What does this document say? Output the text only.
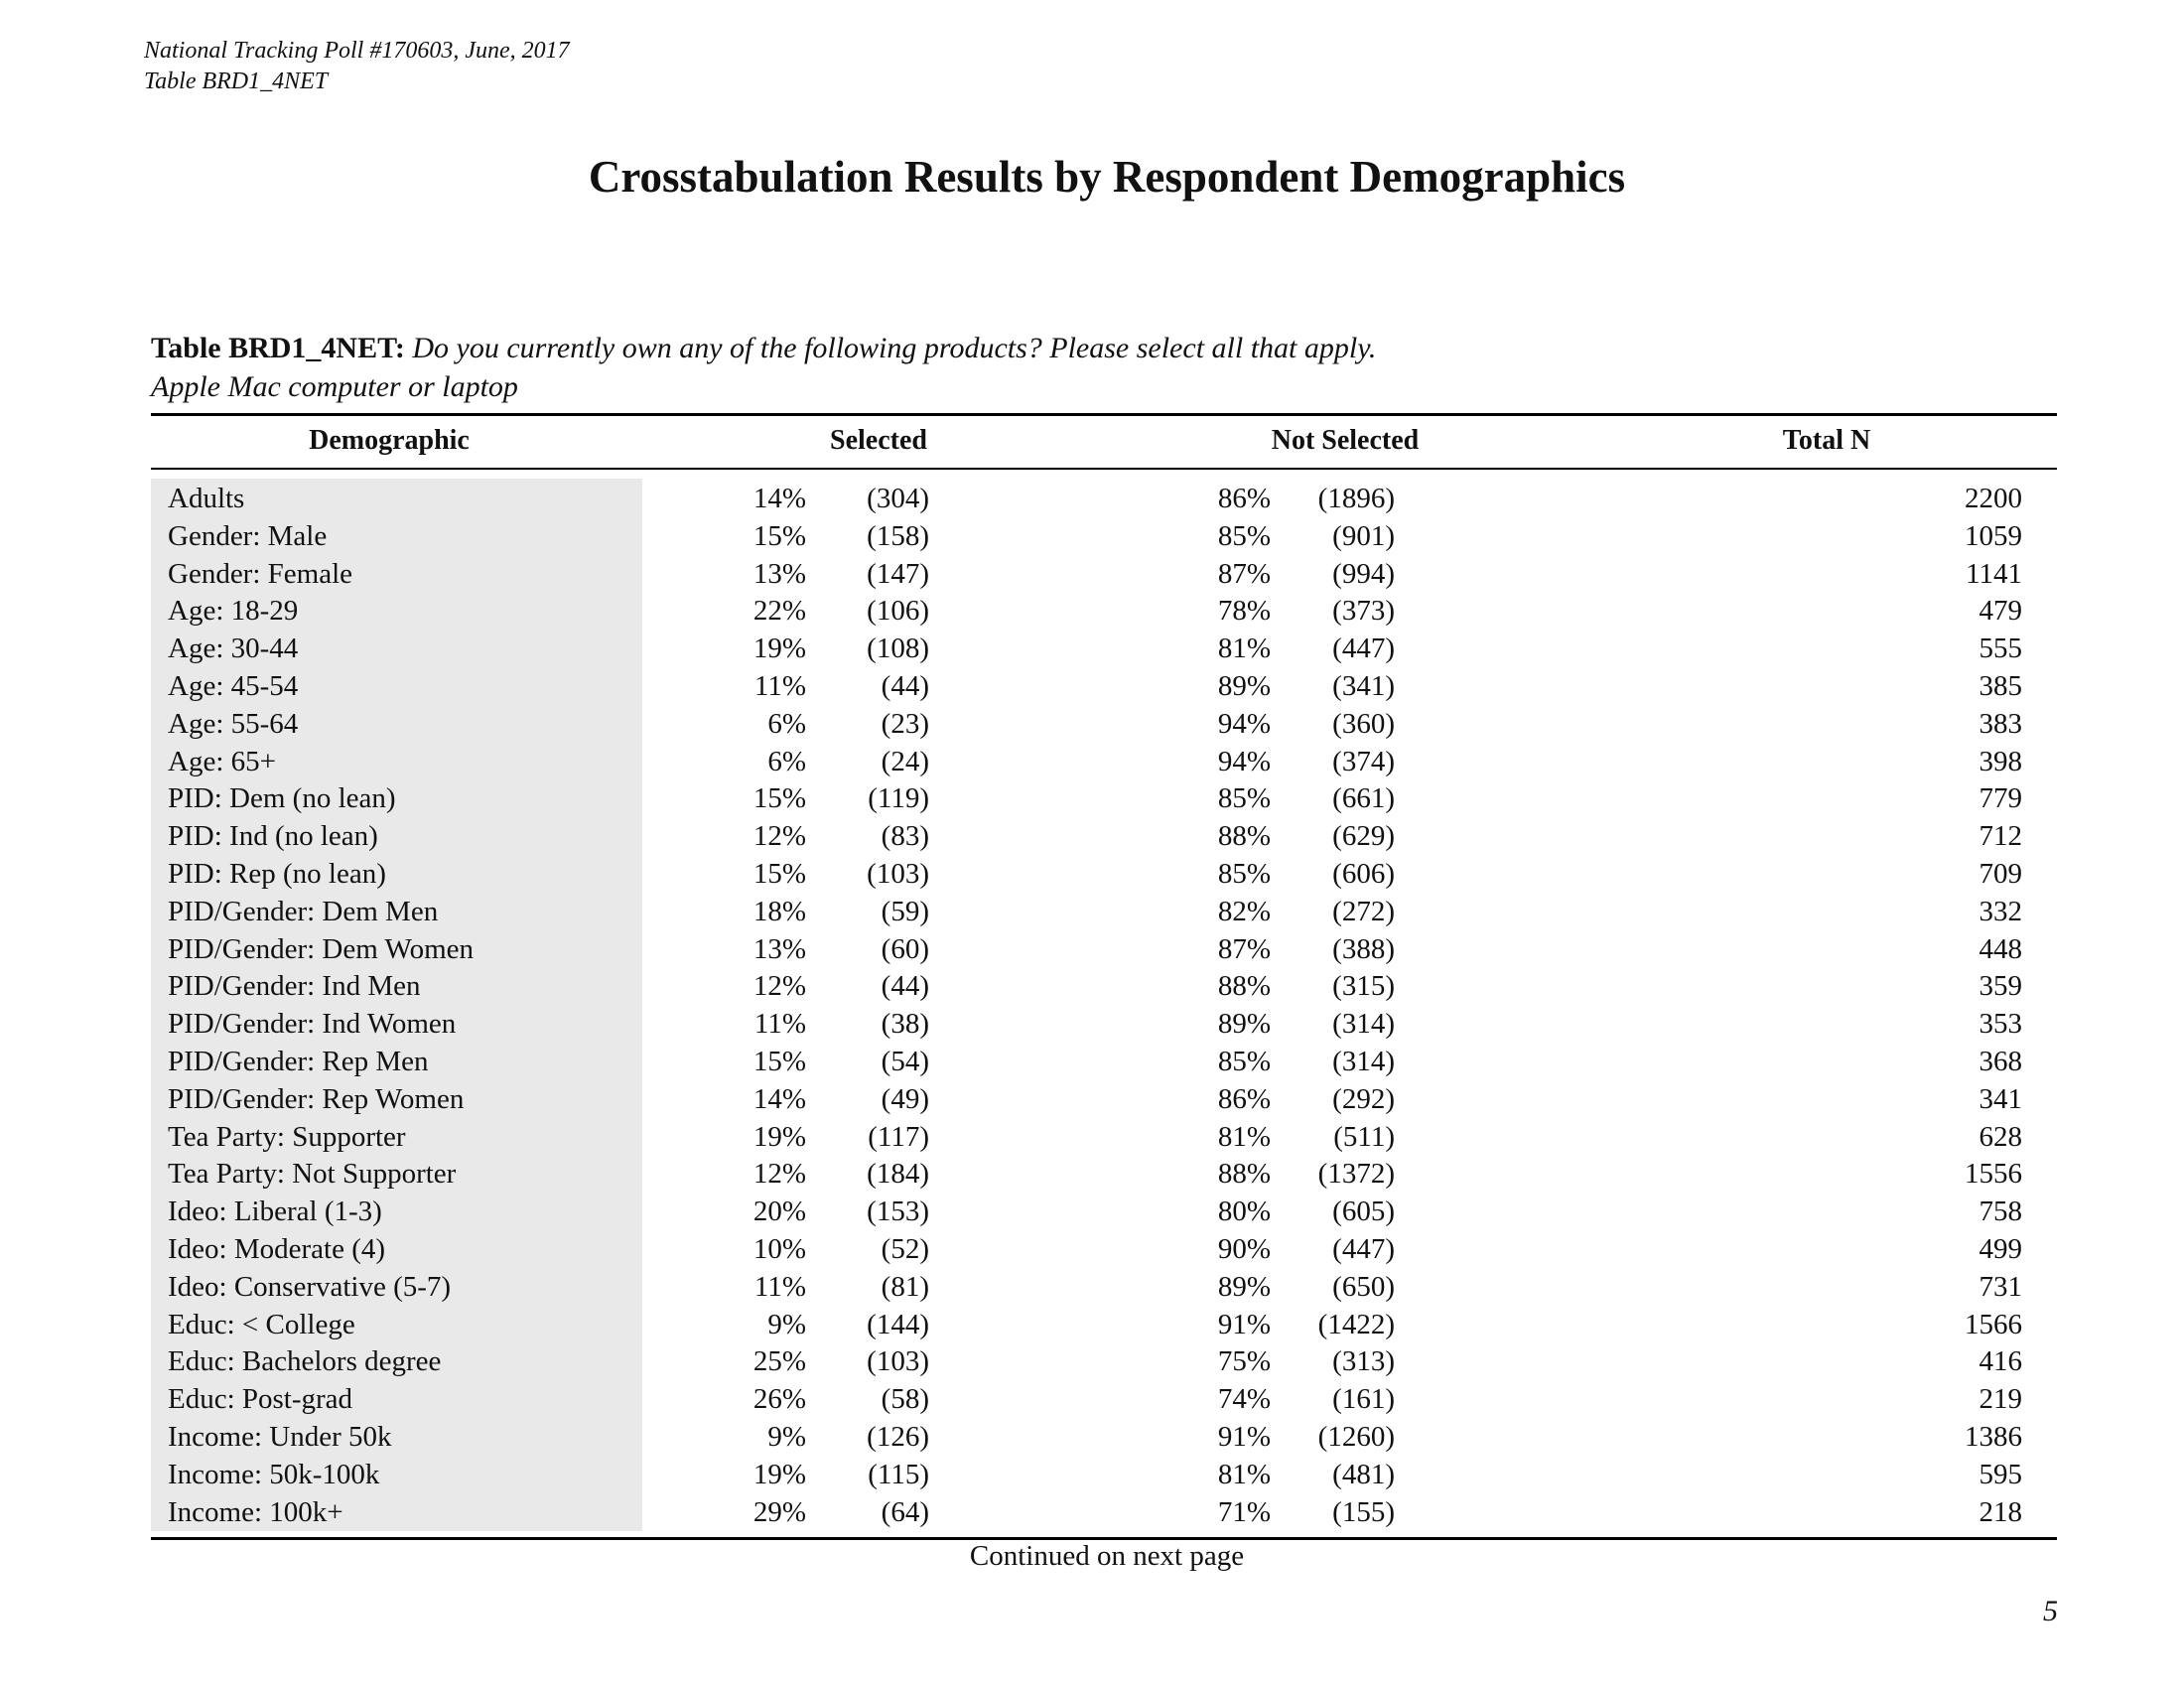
National Tracking Poll #170603, June, 2017
Table BRD1_4NET
Crosstabulation Results by Respondent Demographics
Table BRD1_4NET: Do you currently own any of the following products? Please select all that apply.
Apple Mac computer or laptop
Demographic	Selected	Not Selected	Total N
Adults	14% (304)	86% (1896)	2200
Gender: Male	15% (158)	85% (901)	1059
Gender: Female	13% (147)	87% (994)	1141
Age: 18-29	22% (106)	78% (373)	479
Age: 30-44	19% (108)	81% (447)	555
Age: 45-54	11%	(44)	89% (341)	385
Age: 55-64	6%	(23)	94% (360)	383
Age: 65+	6%	(24)	94% (374)	398
PID: Dem (no lean)	15% (119)	85% (661)	779
PID: Ind (no lean)	12%	(83)	88% (629)	712
PID: Rep (no lean)	15% (103)	85% (606)	709
PID/Gender: Dem Men	18%	(59)	82% (272)	332
PID/Gender: Dem Women	13%	(60)	87% (388)	448
PID/Gender: Ind Men	12%	(44)	88% (315)	359
PID/Gender: Ind Women	11%	(38)	89% (314)	353
PID/Gender: Rep Men	15%	(54)	85% (314)	368
PID/Gender: Rep Women	14%	(49)	86% (292)	341
Tea Party: Supporter	19% (117)	81% (511)	628
Tea Party: Not Supporter	12% (184)	88% (1372)	1556
Ideo: Liberal (1-3)	20% (153)	80% (605)	758
Ideo: Moderate (4)	10%	(52)	90% (447)	499
Ideo: Conservative (5-7)	11%	(81)	89% (650)	731
Educ: < College	9% (144)	91% (1422)	1566
Educ: Bachelors degree	25% (103)	75% (313)	416
Educ: Post-grad	26%	(58)	74% (161)	219
Income: Under 50k	9% (126)	91% (1260)	1386
Income: 50k-100k	19% (115)	81% (481)	595
Income: 100k+	29%	(64)	71% (155)	218
Continued on next page
5
